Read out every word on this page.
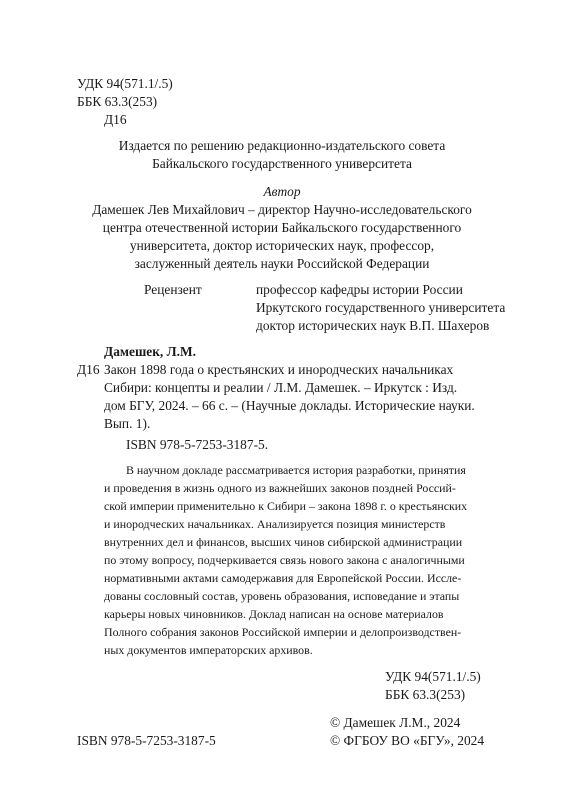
УДК 94(571.1/.5)
ББК 63.3(253)
Д16
Издается по решению редакционно-издательского совета
Байкальского государственного университета
Автор
Дамешек Лев Михайлович – директор Научно-исследовательского
центра отечественной истории Байкальского государственного
университета, доктор исторических наук, профессор,
заслуженный деятель науки Российской Федерации
Рецензент	профессор кафедры истории России
Иркутского государственного университета
доктор исторических наук В.П. Шахеров
Дамешек, Л.М.
Д16 Закон 1898 года о крестьянских и инородческих начальниках
Сибири: концепты и реалии / Л.М. Дамешек. – Иркутск : Изд.
дом БГУ, 2024. – 66 с. – (Научные доклады. Исторические науки.
Вып. 1).
ISBN 978-5-7253-3187-5.
В научном докладе рассматривается история разработки, принятия
и проведения в жизнь одного из важнейших законов поздней Россий-
ской империи применительно к Сибири – закона 1898 г. о крестьянских
и инородческих начальниках. Анализируется позиция министерств
внутренних дел и финансов, высших чинов сибирской администрации
по этому вопросу, подчеркивается связь нового закона с аналогичными
нормативными актами самодержавия для Европейской России. Иссле-
дованы сословный состав, уровень образования, исповедание и этапы
карьеры новых чиновников. Доклад написан на основе материалов
Полного собрания законов Российской империи и делопроизводствен-
ных документов императорских архивов.
УДК 94(571.1/.5)
ББК 63.3(253)
© Дамешек Л.М., 2024
ISBN 978-5-7253-3187-5	© ФГБОУ ВО «БГУ», 2024
